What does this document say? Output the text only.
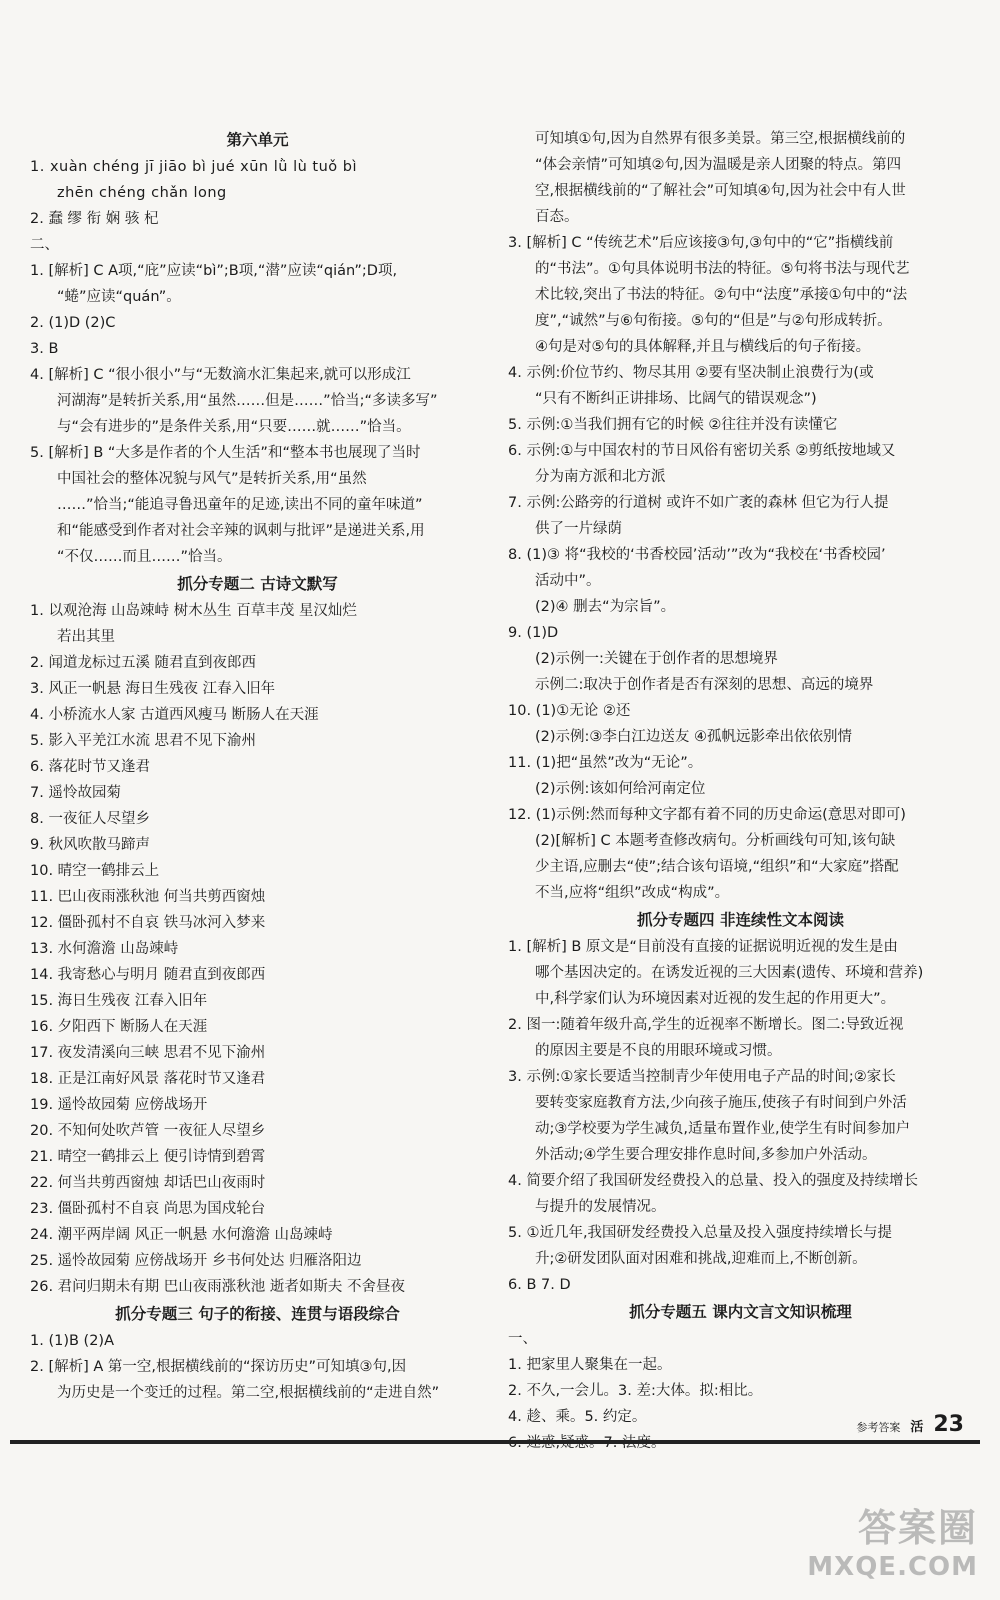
第六单元
1. xuàn chéng jī jiāo bì jué xūn lǜ lù tuǒ bì
zhēn chéng chǎn long
2. 蠢 缪 衔 娴 骇 杞
二、
1. [解析] C A项,“庇”应读“bì”;B项,“潜”应读“qián”;D项,
“蜷”应读“quán”。
2. (1)D (2)C
3. B
4. [解析] C “很小很小”与“无数滴水汇集起来,就可以形成江
河湖海”是转折关系,用“虽然……但是……”恰当;“多读多写”
与“会有进步的”是条件关系,用“只要……就……”恰当。
5. [解析] B “大多是作者的个人生活”和“整本书也展现了当时
中国社会的整体况貌与风气”是转折关系,用“虽然
……”恰当;“能追寻鲁迅童年的足迹,读出不同的童年味道”
和“能感受到作者对社会辛辣的讽刺与批评”是递进关系,用
“不仅……而且……”恰当。
抓分专题二 古诗文默写
1. 以观沧海 山岛竦峙 树木丛生 百草丰茂 星汉灿烂
若出其里
2. 闻道龙标过五溪 随君直到夜郎西
3. 风正一帆悬 海日生残夜 江春入旧年
4. 小桥流水人家 古道西风瘦马 断肠人在天涯
5. 影入平羌江水流 思君不见下渝州
6. 落花时节又逢君
7. 遥怜故园菊
8. 一夜征人尽望乡
9. 秋风吹散马蹄声
10. 晴空一鹤排云上
11. 巴山夜雨涨秋池 何当共剪西窗烛
12. 僵卧孤村不自哀 铁马冰河入梦来
13. 水何澹澹 山岛竦峙
14. 我寄愁心与明月 随君直到夜郎西
15. 海日生残夜 江春入旧年
16. 夕阳西下 断肠人在天涯
17. 夜发清溪向三峡 思君不见下渝州
18. 正是江南好风景 落花时节又逢君
19. 遥怜故园菊 应傍战场开
20. 不知何处吹芦管 一夜征人尽望乡
21. 晴空一鹤排云上 便引诗情到碧霄
22. 何当共剪西窗烛 却话巴山夜雨时
23. 僵卧孤村不自哀 尚思为国戍轮台
24. 潮平两岸阔 风正一帆悬 水何澹澹 山岛竦峙
25. 遥怜故园菊 应傍战场开 乡书何处达 归雁洛阳边
26. 君问归期未有期 巴山夜雨涨秋池 逝者如斯夫 不舍昼夜
抓分专题三 句子的衔接、连贯与语段综合
1. (1)B (2)A
2. [解析] A 第一空,根据横线前的“探访历史”可知填③句,因
为历史是一个变迁的过程。第二空,根据横线前的“走进自然”
可知填①句,因为自然界有很多美景。第三空,根据横线前的
“体会亲情”可知填②句,因为温暖是亲人团聚的特点。第四
空,根据横线前的“了解社会”可知填④句,因为社会中有人世
百态。
3. [解析] C “传统艺术”后应该接③句,③句中的“它”指横线前
的“书法”。①句具体说明书法的特征。⑤句将书法与现代艺
术比较,突出了书法的特征。②句中“法度”承接①句中的“法
度”,“诚然”与⑥句衔接。⑤句的“但是”与②句形成转折。
④句是对⑤句的具体解释,并且与横线后的句子衔接。
4. 示例:价位节约、物尽其用 ②要有坚决制止浪费行为(或
“只有不断纠正讲排场、比阔气的错误观念”)
5. 示例:①当我们拥有它的时候 ②往往并没有读懂它
6. 示例:①与中国农村的节日风俗有密切关系 ②剪纸按地域又
分为南方派和北方派
7. 示例:公路旁的行道树 或许不如广袤的森林 但它为行人提
供了一片绿荫
8. (1)③ 将“我校的‘书香校园’活动’”改为“我校在‘书香校园’
活动中”。
(2)④ 删去“为宗旨”。
9. (1)D
(2)示例一:关键在于创作者的思想境界
示例二:取决于创作者是否有深刻的思想、高远的境界
10. (1)①无论 ②还
(2)示例:③李白江边送友 ④孤帆远影牵出依依别情
11. (1)把“虽然”改为“无论”。
(2)示例:该如何给河南定位
12. (1)示例:然而每种文字都有着不同的历史命运(意思对即可)
(2)[解析] C 本题考查修改病句。分析画线句可知,该句缺
少主语,应删去“使”;结合该句语境,“组织”和“大家庭”搭配
不当,应将“组织”改成“构成”。
抓分专题四 非连续性文本阅读
1. [解析] B 原文是“目前没有直接的证据说明近视的发生是由
哪个基因决定的。在诱发近视的三大因素(遗传、环境和营养)
中,科学家们认为环境因素对近视的发生起的作用更大”。
2. 图一:随着年级升高,学生的近视率不断增长。图二:导致近视
的原因主要是不良的用眼环境或习惯。
3. 示例:①家长要适当控制青少年使用电子产品的时间;②家长
要转变家庭教育方法,少向孩子施压,使孩子有时间到户外活
动;③学校要为学生减负,适量布置作业,使学生有时间参加户
外活动;④学生要合理安排作息时间,多参加户外活动。
4. 简要介绍了我国研发经费投入的总量、投入的强度及持续增长
与提升的发展情况。
5. ①近几年,我国研发经费投入总量及投入强度持续增长与提
升;②研发团队面对困难和挑战,迎难而上,不断创新。
6. B 7. D
抓分专题五 课内文言文知识梳理
一、
1. 把家里人聚集在一起。
2. 不久,一会儿。3. 差:大体。拟:相比。
4. 趁、乘。5. 约定。
参考答案 活 23
答案圈
MXQE.COM
